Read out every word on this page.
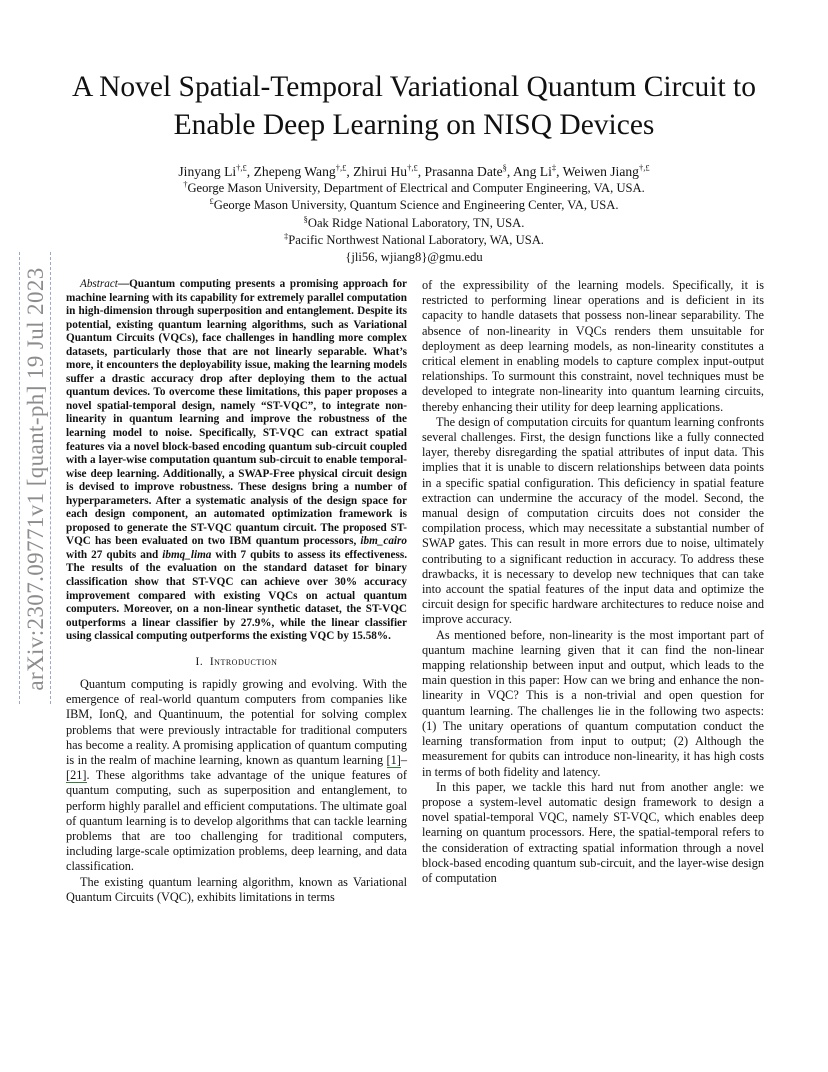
A Novel Spatial-Temporal Variational Quantum Circuit to Enable Deep Learning on NISQ Devices
Jinyang Li†,£, Zhepeng Wang†,£, Zhirui Hu†,£, Prasanna Date§, Ang Li‡, Weiwen Jiang†,£
†George Mason University, Department of Electrical and Computer Engineering, VA, USA.
£George Mason University, Quantum Science and Engineering Center, VA, USA.
§Oak Ridge National Laboratory, TN, USA.
‡Pacific Northwest National Laboratory, WA, USA.
{jli56, wjiang8}@gmu.edu
arXiv:2307.09771v1 [quant-ph] 19 Jul 2023	Abstract—Quantum computing presents a promising approach for machine learning with its capability for extremely parallel computation in high-dimension through superposition and entanglement. Despite its potential, existing quantum learning algorithms, such as Variational Quantum Circuits (VQCs), face challenges in handling more complex datasets, particularly those that are not linearly separable. What’s more, it encounters the deployability issue, making the learning models suffer a drastic accuracy drop after deploying them to the actual quantum devices. To overcome these limitations, this paper proposes a novel spatial-temporal design, namely “ST-VQC”, to integrate non-linearity in quantum learning and improve the robustness of the learning model to noise. Specifically, ST-VQC can extract spatial features via a novel block-based encoding quantum sub-circuit coupled with a layer-wise computation quantum sub-circuit to enable temporal-wise deep learning. Additionally, a SWAP-Free physical circuit design is devised to improve robustness. These designs bring a number of hyperparameters. After a systematic analysis of the design space for each design component, an automated optimization framework is proposed to generate the ST-VQC quantum circuit. The proposed ST-VQC has been evaluated on two IBM quantum processors, ibm_cairo with 27 qubits and ibmq_lima with 7 qubits to assess its effectiveness. The results of the evaluation on the standard dataset for binary classification show that ST-VQC can achieve over 30% accuracy improvement compared with existing VQCs on actual quantum computers. Moreover, on a non-linear synthetic dataset, the ST-VQC outperforms a linear classifier by 27.9%, while the linear classifier using classical computing outperforms the existing VQC by 15.58%.

I. Introduction

Quantum computing is rapidly growing and evolving. With the emergence of real-world quantum computers from companies like IBM, IonQ, and Quantinuum, the potential for solving complex problems that were previously intractable for traditional computers has become a reality. A promising application of quantum computing is in the realm of machine learning, known as quantum learning [1]–[21]. These algorithms take advantage of the unique features of quantum computing, such as superposition and entanglement, to perform highly parallel and efficient computations. The ultimate goal of quantum learning is to develop algorithms that can tackle learning problems that are too challenging for traditional computers, including large-scale optimization problems, deep learning, and data classification.

The existing quantum learning algorithm, known as Variational Quantum Circuits (VQC), exhibits limitations in terms

of the expressibility of the learning models. Specifically, it is restricted to performing linear operations and is deficient in its capacity to handle datasets that possess non-linear separability. The absence of non-linearity in VQCs renders them unsuitable for deployment as deep learning models, as non-linearity constitutes a critical element in enabling models to capture complex input-output relationships. To surmount this constraint, novel techniques must be developed to integrate non-linearity into quantum learning circuits, thereby enhancing their utility for deep learning applications.

The design of computation circuits for quantum learning confronts several challenges. First, the design functions like a fully connected layer, thereby disregarding the spatial attributes of input data. This implies that it is unable to discern relationships between data points in a specific spatial configuration. This deficiency in spatial feature extraction can undermine the accuracy of the model. Second, the manual design of computation circuits does not consider the compilation process, which may necessitate a substantial number of SWAP gates. This can result in more errors due to noise, ultimately contributing to a significant reduction in accuracy. To address these drawbacks, it is necessary to develop new techniques that can take into account the spatial features of the input data and optimize the circuit design for specific hardware architectures to reduce noise and improve accuracy.

As mentioned before, non-linearity is the most important part of quantum machine learning given that it can find the non-linear mapping relationship between input and output, which leads to the main question in this paper: How can we bring and enhance the non-linearity in VQC? This is a non-trivial and open question for quantum learning. The challenges lie in the following two aspects: (1) The unitary operations of quantum computation conduct the learning transformation from input to output; (2) Although the measurement for qubits can introduce non-linearity, it has high costs in terms of both fidelity and latency.

In this paper, we tackle this hard nut from another angle: we propose a system-level automatic design framework to design a novel spatial-temporal VQC, namely ST-VQC, which enables deep learning on quantum processors. Here, the spatial-temporal refers to the consideration of extracting spatial information through a novel block-based encoding quantum sub-circuit, and the layer-wise design of computation
